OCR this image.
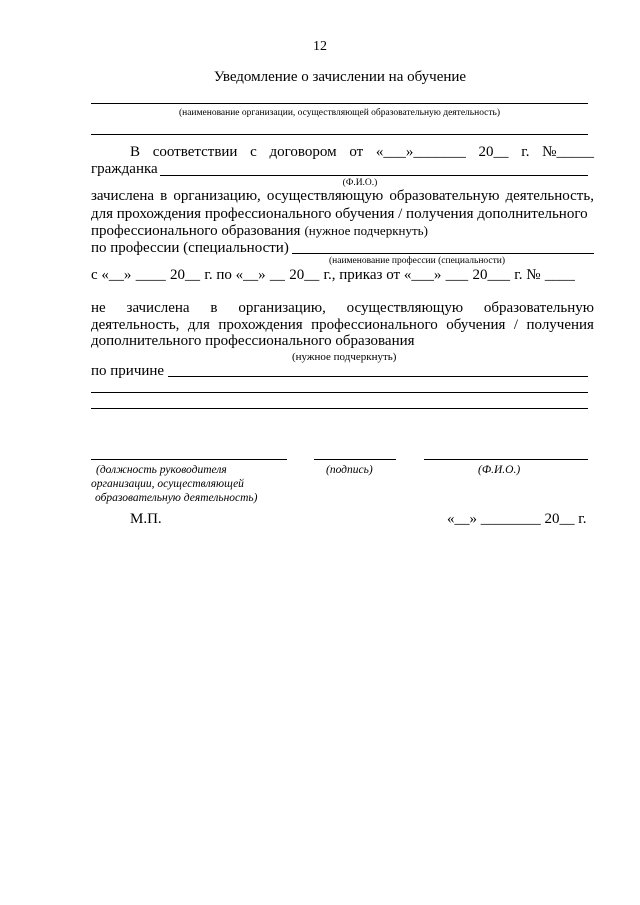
12
Уведомление о зачислении на обучение
(наименование организации, осуществляющей образовательную деятельность)
В соответствии с договором от «___»_______ 20__ г. №_____
гражданка
(Ф.И.О.)
зачислена в организацию, осуществляющую образовательную деятельность,
для прохождения профессионального обучения / получения дополнительного
профессионального образования (нужное подчеркнуть)
по профессии (специальности)
(наименование профессии (специальности)
с «__» ____ 20__ г. по «__» __ 20__ г., приказ от «___» ___ 20___ г. № ____
не зачислена в организацию, осуществляющую образовательную
деятельность, для прохождения профессионального обучения / получения
дополнительного профессионального образования
(нужное подчеркнуть)
по причине
(должность руководителя
организации, осуществляющей
образовательную деятельность)
(подпись)	(Ф.И.О.)
М.П.	«__» ________ 20__ г.
